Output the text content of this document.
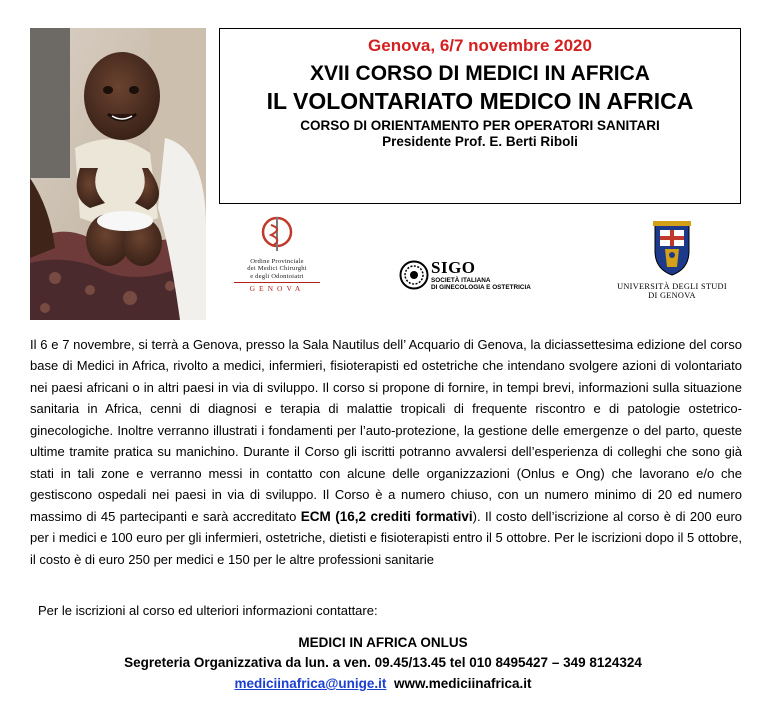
Genova, 6/7 novembre 2020
XVII CORSO DI MEDICI IN AFRICA
IL VOLONTARIATO MEDICO IN AFRICA
CORSO DI ORIENTAMENTO PER OPERATORI SANITARI
Presidente Prof. E. Berti Riboli
Ordine Provinciale
dei Medici Chirurghi
e degli Odontoiatri
GENOVA
SIGO
SOCIETÀ ITALIANA
DI GINECOLOGIA E OSTETRICIA	UNIVERSITÀ DEGLI STUDI
DI GENOVA
Il 6 e 7 novembre, si terrà a Genova, presso la Sala Nautilus dell’ Acquario di Genova, la diciassettesima edizione del corso base di Medici in Africa, rivolto a medici, infermieri, fisioterapisti ed ostetriche che intendano svolgere azioni di volontariato nei paesi africani o in altri paesi in via di sviluppo. Il corso si propone di fornire, in tempi brevi, informazioni sulla situazione sanitaria in Africa, cenni di diagnosi e terapia di malattie tropicali di frequente riscontro e di patologie ostetrico-ginecologiche. Inoltre verranno illustrati i fondamenti per l’auto-protezione, la gestione delle emergenze o del parto, queste ultime tramite pratica su manichino. Durante il Corso gli iscritti potranno avvalersi dell’esperienza di colleghi che sono già stati in tali zone e verranno messi in contatto con alcune delle organizzazioni (Onlus e Ong) che lavorano e/o che gestiscono ospedali nei paesi in via di sviluppo. Il Corso è a numero chiuso, con un numero minimo di 20 ed numero massimo di 45 partecipanti e sarà accreditato ECM (16,2 crediti formativi). Il costo dell’iscrizione al corso è di 200 euro per i medici e 100 euro per gli infermieri, ostetriche, dietisti e fisioterapisti entro il 5 ottobre. Per le iscrizioni dopo il 5 ottobre, il costo è di euro 250 per medici e 150 per le altre professioni sanitarie
Per le iscrizioni al corso ed ulteriori informazioni contattare:
MEDICI IN AFRICA ONLUS
Segreteria Organizzativa da lun. a ven. 09.45/13.45 tel 010 8495427 – 349 8124324
mediciinafrica@unige.it www.mediciinafrica.it
